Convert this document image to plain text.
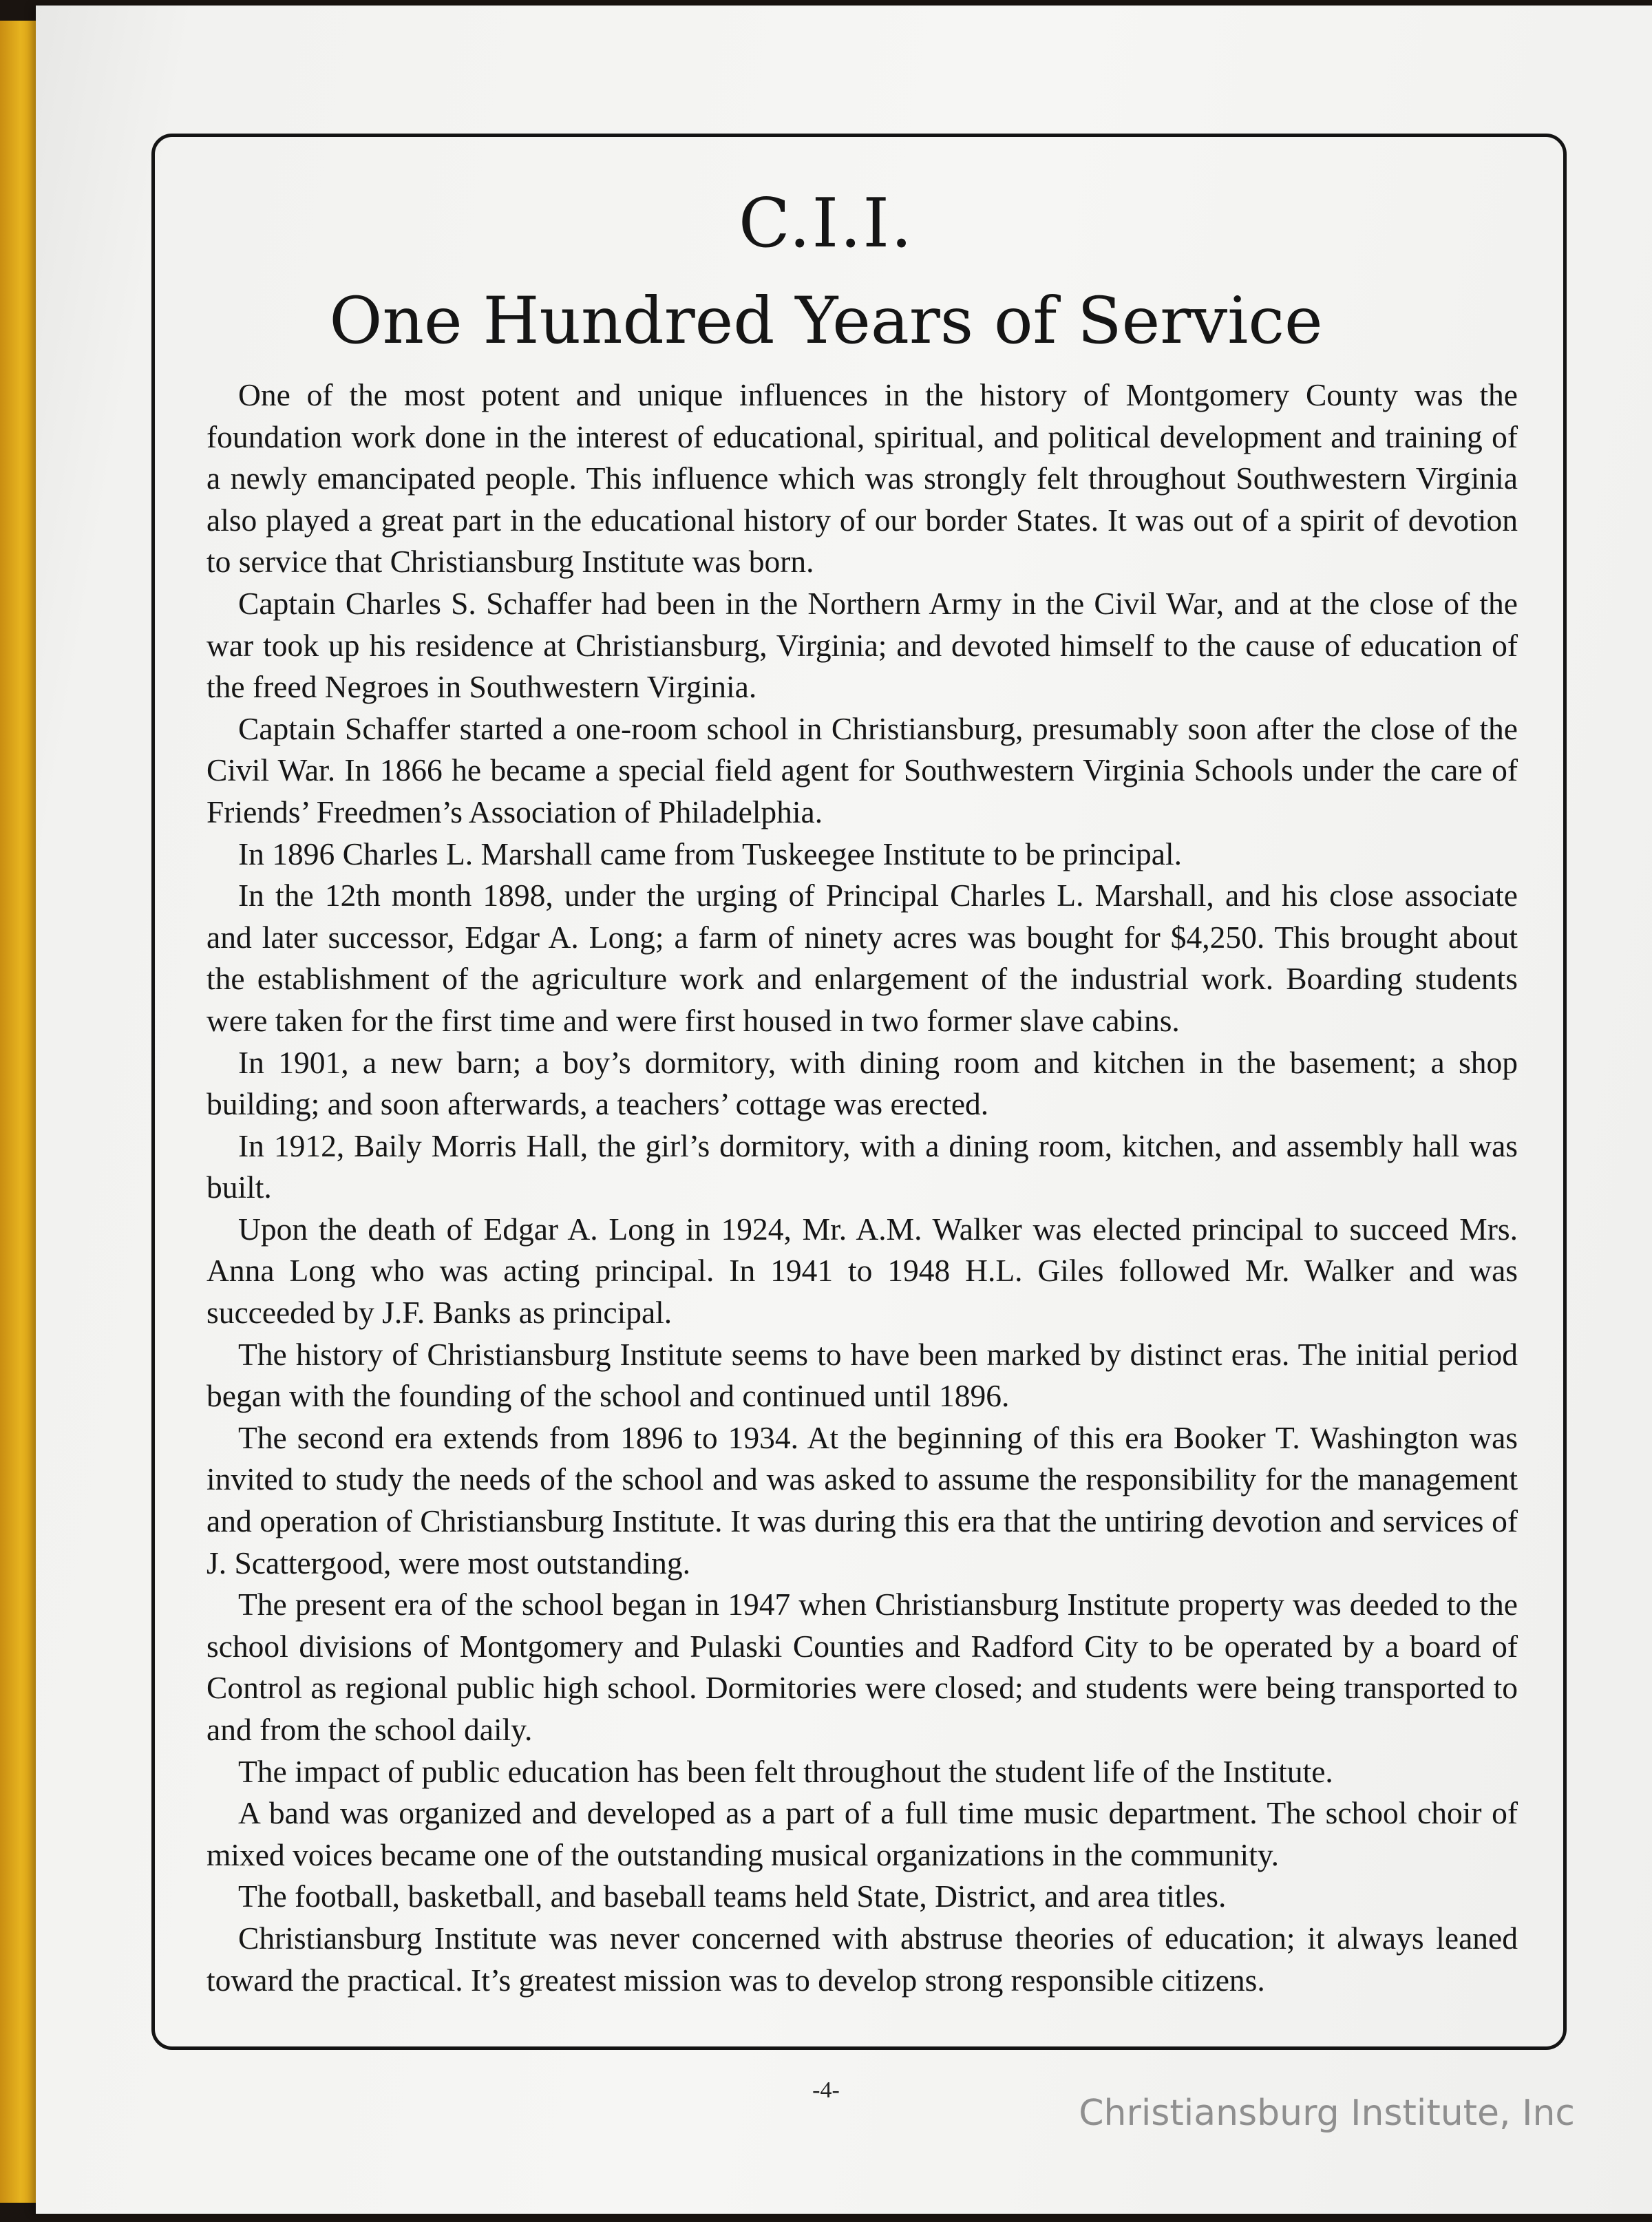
C.I.I.
One Hundred Years of Service

One of the most potent and unique influences in the history of Montgomery County was the foundation work done in the interest of educational, spiritual, and political development and training of a newly emancipated people. This influence which was strongly felt throughout Southwestern Virginia also played a great part in the educational history of our border States. It was out of a spirit of devotion to service that Christiansburg Institute was born.

Captain Charles S. Schaffer had been in the Northern Army in the Civil War, and at the close of the war took up his residence at Christiansburg, Virginia; and devoted himself to the cause of education of the freed Negroes in Southwestern Virginia.

Captain Schaffer started a one-room school in Christiansburg, presumably soon after the close of the Civil War. In 1866 he became a special field agent for Southwestern Virginia Schools under the care of Friends’ Freedmen’s Association of Philadelphia.

In 1896 Charles L. Marshall came from Tuskeegee Institute to be principal.

In the 12th month 1898, under the urging of Principal Charles L. Marshall, and his close associate and later successor, Edgar A. Long; a farm of ninety acres was bought for $4,250. This brought about the establishment of the agriculture work and enlargement of the industrial work. Boarding students were taken for the first time and were first housed in two former slave cabins.

In 1901, a new barn; a boy’s dormitory, with dining room and kitchen in the basement; a shop building; and soon afterwards, a teachers’ cottage was erected.

In 1912, Baily Morris Hall, the girl’s dormitory, with a dining room, kitchen, and assembly hall was built.

Upon the death of Edgar A. Long in 1924, Mr. A.M. Walker was elected principal to succeed Mrs. Anna Long who was acting principal. In 1941 to 1948 H.L. Giles followed Mr. Walker and was succeeded by J.F. Banks as principal.

The history of Christiansburg Institute seems to have been marked by distinct eras. The initial period began with the founding of the school and continued until 1896.

The second era extends from 1896 to 1934. At the beginning of this era Booker T. Washington was invited to study the needs of the school and was asked to assume the responsibility for the management and operation of Christiansburg Institute. It was during this era that the untiring devotion and services of J. Scattergood, were most outstanding.

The present era of the school began in 1947 when Christiansburg Institute property was deeded to the school divisions of Montgomery and Pulaski Counties and Radford City to be operated by a board of Control as regional public high school. Dormitories were closed; and students were being transported to and from the school daily.

The impact of public education has been felt throughout the student life of the Institute.

A band was organized and developed as a part of a full time music department. The school choir of mixed voices became one of the outstanding musical organizations in the community.

The football, basketball, and baseball teams held State, District, and area titles.

Christiansburg Institute was never concerned with abstruse theories of education; it always leaned toward the practical. It’s greatest mission was to develop strong responsible citizens.

-4-
Christiansburg Institute, Inc
